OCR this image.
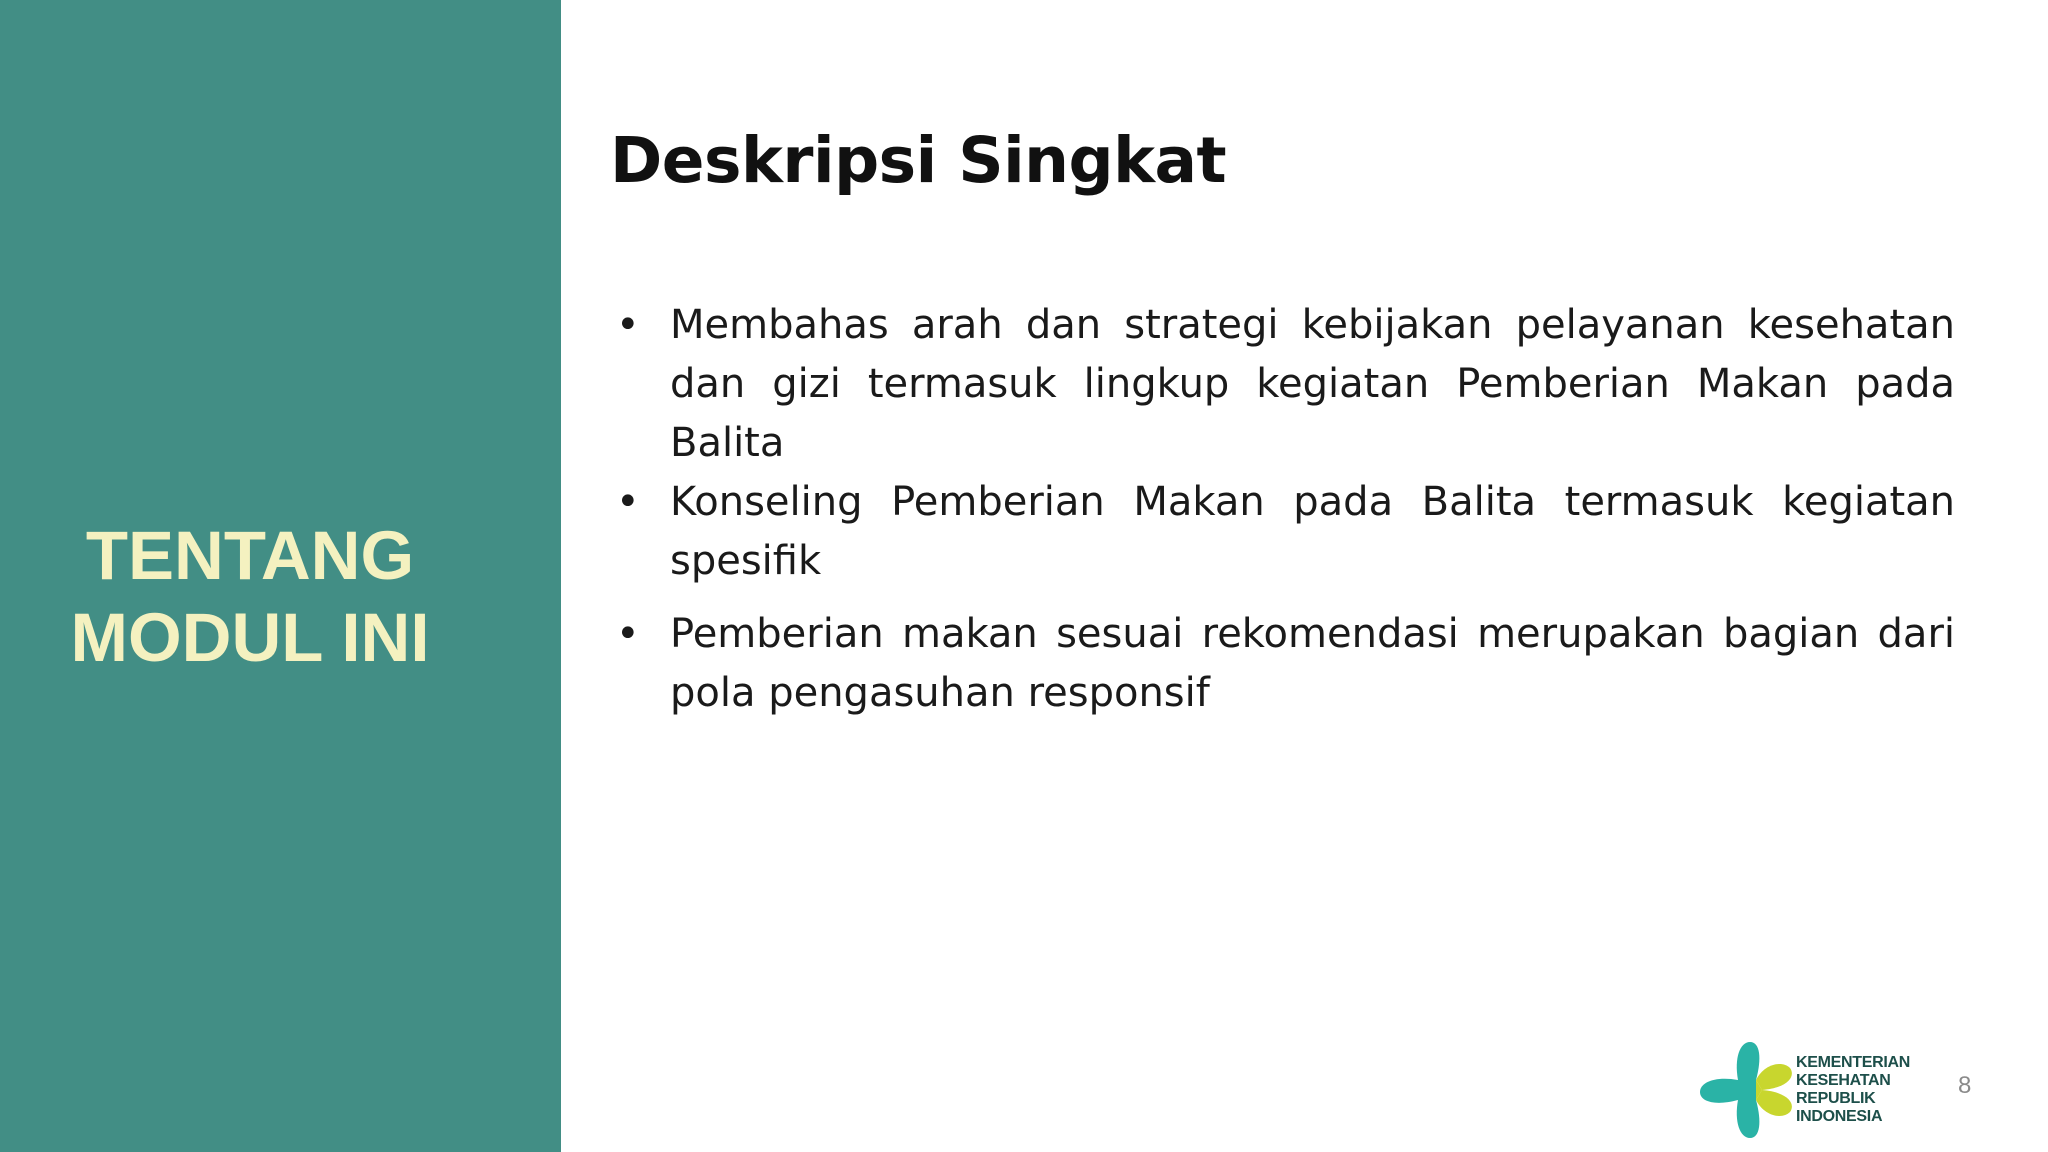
TENTANG
MODUL INI
Deskripsi Singkat
• Membahas arah dan strategi kebijakan pelayanan kesehatan dan gizi termasuk lingkup kegiatan Pemberian Makan pada Balita
• Konseling Pemberian Makan pada Balita termasuk kegiatan spesifik
• Pemberian makan sesuai rekomendasi merupakan bagian dari pola pengasuhan responsif
KEMENTERIAN
KESEHATAN
REPUBLIK
INDONESIA
8
